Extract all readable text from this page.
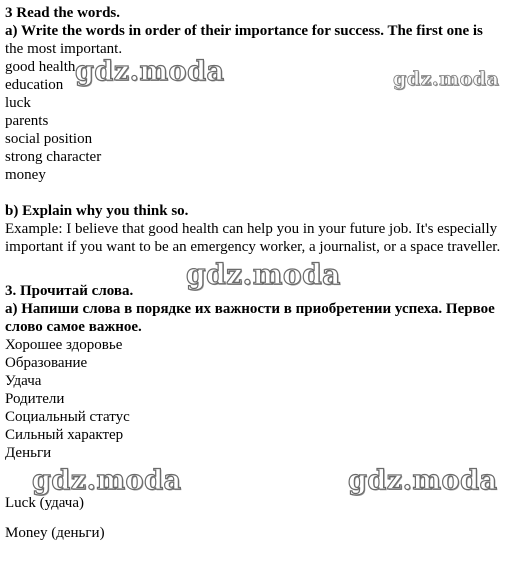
3 Read the words.
a) Write the words in order of their importance for success. The first one is
the most important.
good health
education
luck
parents
social position
strong character
money
b) Explain why you think so.
Example: I believe that good health can help you in your future job. It's especially
important if you want to be an emergency worker, a journalist, or a space traveller.
3. Прочитай слова.
а) Напиши слова в порядке их важности в приобретении успеха. Первое
слово самое важное.
Хорошее здоровье
Образование
Удача
Родители
Социальный статус
Сильный характер
Деньги
Luck (удача)
Money (деньги)
gdz.moda	gdz.moda
gdz.moda
gdz.moda	gdz.moda
